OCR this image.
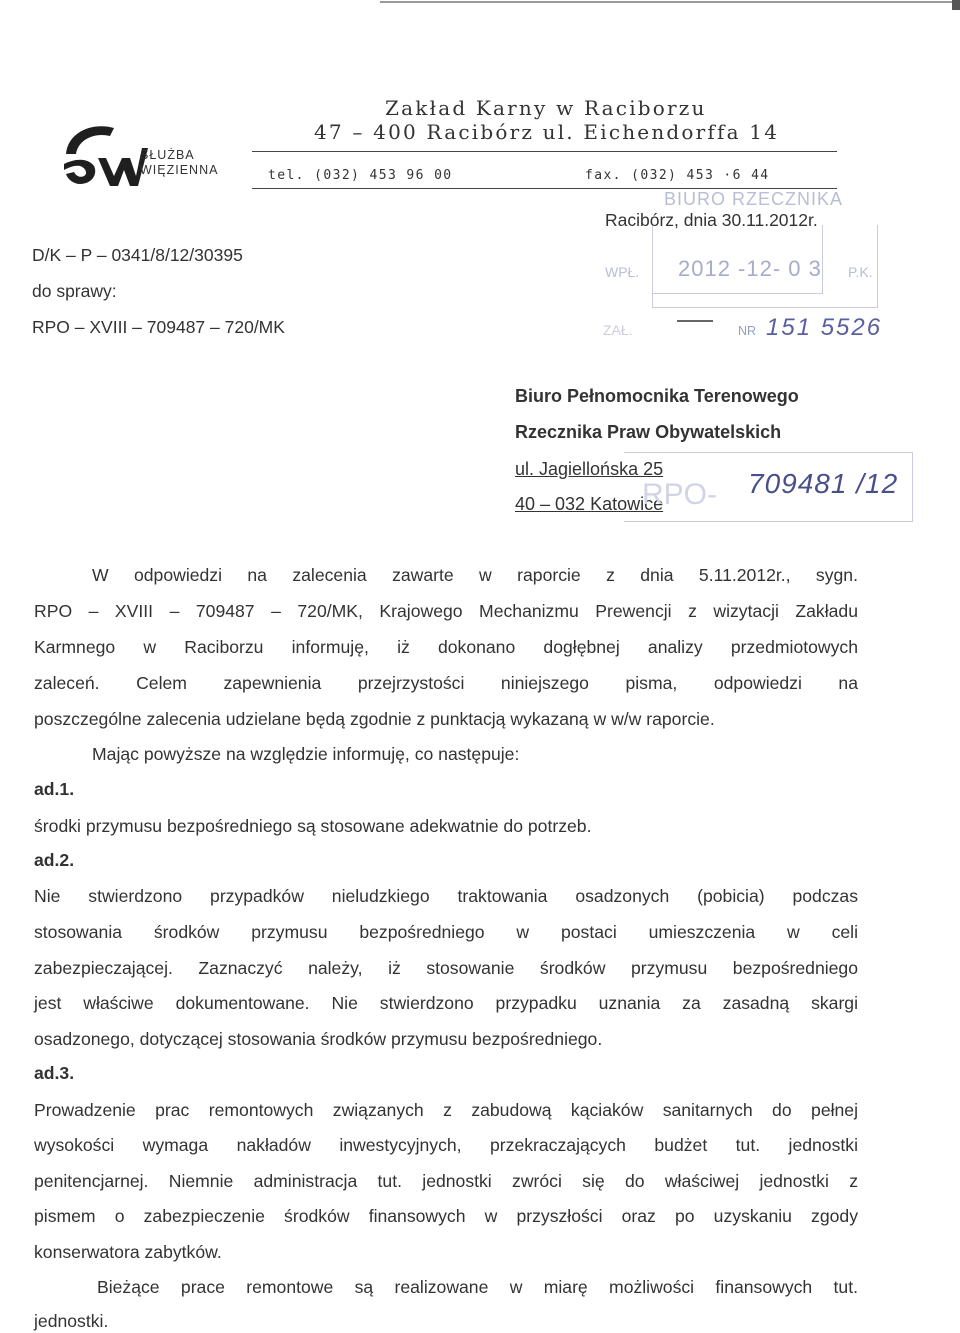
SŁUŻBA
WIĘZIENNA
Zakład Karny w Raciborzu
47 – 400 Racibórz ul. Eichendorffa 14
tel. (032) 453 96 00	fax. (032) 453 ·6 44
D/K – P – 0341/8/12/30395
do sprawy:
RPO – XVIII – 709487 – 720/MK
BIURO RZECZNIKA
Racibórz, dnia 30.11.2012r.
WPŁ. 2012 -12- 0 3 P.K.
ZAŁ.	NR 151 5526
Biuro Pełnomocnika Terenowego
Rzecznika Praw Obywatelskich
ul. Jagiellońska 25
40 – 032 Katowice
RPO- 709481 /12
W odpowiedzi na zalecenia zawarte w raporcie z dnia 5.11.2012r., sygn.
RPO – XVIII – 709487 – 720/MK, Krajowego Mechanizmu Prewencji z wizytacji Zakładu
Karmnego w Raciborzu informuję, iż dokonano dogłębnej analizy przedmiotowych
zaleceń. Celem zapewnienia przejrzystości niniejszego pisma, odpowiedzi na
poszczególne zalecenia udzielane będą zgodnie z punktacją wykazaną w w/w raporcie.
Mając powyższe na względzie informuję, co następuje:
ad.1.
środki przymusu bezpośredniego są stosowane adekwatnie do potrzeb.
ad.2.
Nie stwierdzono przypadków nieludzkiego traktowania osadzonych (pobicia) podczas
stosowania środków przymusu bezpośredniego w postaci umieszczenia w celi
zabezpieczającej. Zaznaczyć należy, iż stosowanie środków przymusu bezpośredniego
jest właściwe dokumentowane. Nie stwierdzono przypadku uznania za zasadną skargi
osadzonego, dotyczącej stosowania środków przymusu bezpośredniego.
ad.3.
Prowadzenie prac remontowych związanych z zabudową kąciaków sanitarnych do pełnej
wysokości wymaga nakładów inwestycyjnych, przekraczających budżet tut. jednostki
penitencjarnej. Niemnie administracja tut. jednostki zwróci się do właściwej jednostki z
pismem o zabezpieczenie środków finansowych w przyszłości oraz po uzyskaniu zgody
konserwatora zabytków.
Bieżące prace remontowe są realizowane w miarę możliwości finansowych tut.
jednostki.
